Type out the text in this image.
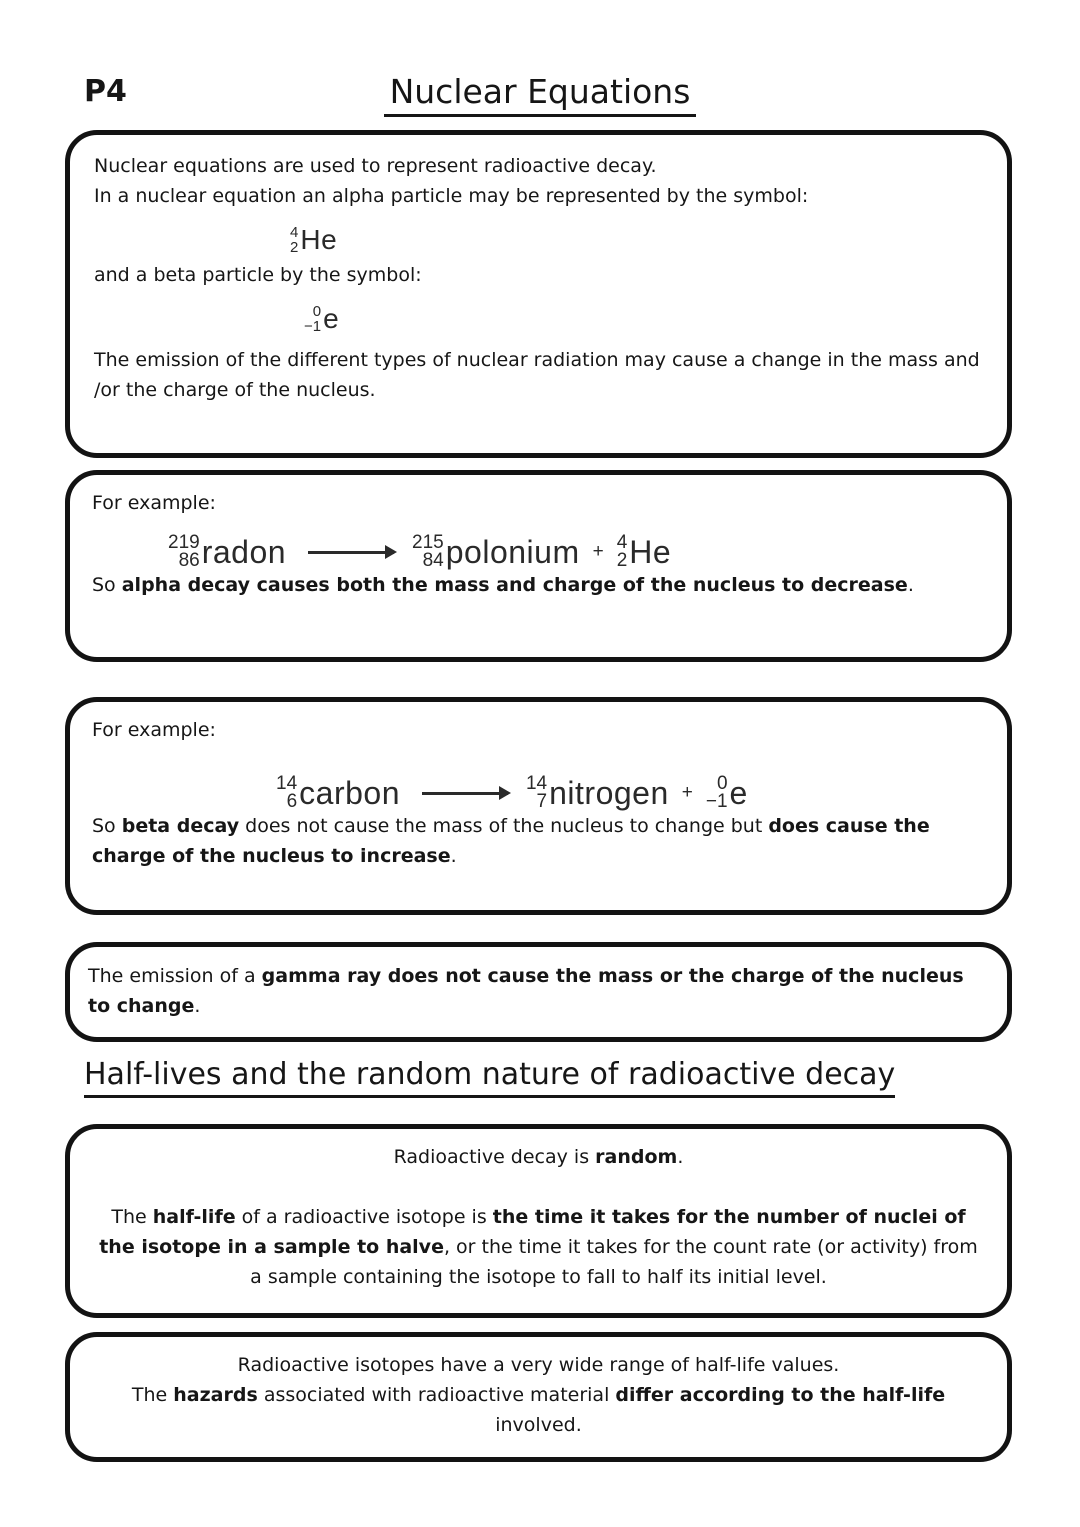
P4	Nuclear Equations

Nuclear equations are used to represent radioactive decay.

In a nuclear equation an alpha particle may be represented by the symbol:

4
2 He

and a beta particle by the symbol:

0
−1 e

The emission of the different types of nuclear radiation may cause a change in the mass and /or the charge of the nucleus.

For example:

219
86 radon	215
84 polonium + 4
2 He

So alpha decay causes both the mass and charge of the nucleus to decrease.

For example:

14
6 carbon	14
7 nitrogen + 0
−1 e

So beta decay does not cause the mass of the nucleus to change but does cause the charge of the nucleus to increase.

The emission of a gamma ray does not cause the mass or the charge of the nucleus to change.

Half-lives and the random nature of radioactive decay

Radioactive decay is random.

The half-life of a radioactive isotope is the time it takes for the number of nuclei of the isotope in a sample to halve, or the time it takes for the count rate (or activity) from a sample containing the isotope to fall to half its initial level.

Radioactive isotopes have a very wide range of half-life values.

The hazards associated with radioactive material differ according to the half-life involved.
